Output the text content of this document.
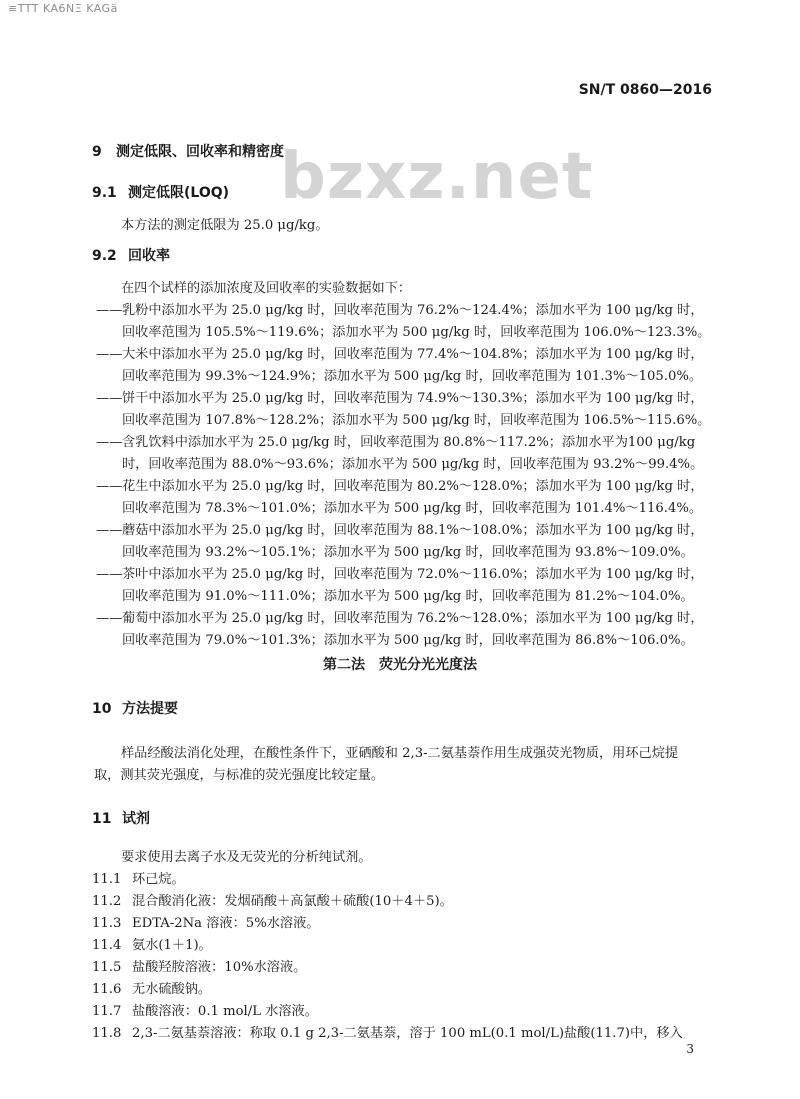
≡TTT KA6NΞ KAGā
SN/T 0860—2016
bzxz.net
9 测定低限、回收率和精密度
9.1 测定低限(LOQ)
本方法的测定低限为 25.0 μg/kg。
9.2 回收率
在四个试样的添加浓度及回收率的实验数据如下：
——乳粉中添加水平为 25.0 μg/kg 时，回收率范围为 76.2%～124.4%；添加水平为 100 μg/kg 时，
回收率范围为 105.5%～119.6%；添加水平为 500 μg/kg 时，回收率范围为 106.0%～123.3%。
——大米中添加水平为 25.0 μg/kg 时，回收率范围为 77.4%～104.8%；添加水平为 100 μg/kg 时，
回收率范围为 99.3%～124.9%；添加水平为 500 μg/kg 时，回收率范围为 101.3%～105.0%。
——饼干中添加水平为 25.0 μg/kg 时，回收率范围为 74.9%～130.3%；添加水平为 100 μg/kg 时，
回收率范围为 107.8%～128.2%；添加水平为 500 μg/kg 时，回收率范围为 106.5%～115.6%。
——含乳饮料中添加水平为 25.0 μg/kg 时，回收率范围为 80.8%～117.2%；添加水平为100 μg/kg
时，回收率范围为 88.0%～93.6%；添加水平为 500 μg/kg 时，回收率范围为 93.2%～99.4%。
——花生中添加水平为 25.0 μg/kg 时，回收率范围为 80.2%～128.0%；添加水平为 100 μg/kg 时，
回收率范围为 78.3%～101.0%；添加水平为 500 μg/kg 时，回收率范围为 101.4%～116.4%。
——蘑菇中添加水平为 25.0 μg/kg 时，回收率范围为 88.1%～108.0%；添加水平为 100 μg/kg 时，
回收率范围为 93.2%～105.1%；添加水平为 500 μg/kg 时，回收率范围为 93.8%～109.0%。
——茶叶中添加水平为 25.0 μg/kg 时，回收率范围为 72.0%～116.0%；添加水平为 100 μg/kg 时，
回收率范围为 91.0%～111.0%；添加水平为 500 μg/kg 时，回收率范围为 81.2%～104.0%。
——葡萄中添加水平为 25.0 μg/kg 时，回收率范围为 76.2%～128.0%；添加水平为 100 μg/kg 时，
回收率范围为 79.0%～101.3%；添加水平为 500 μg/kg 时，回收率范围为 86.8%～106.0%。
第二法　荧光分光光度法
10 方法提要
样品经酸法消化处理，在酸性条件下，亚硒酸和 2,3-二氨基萘作用生成强荧光物质，用环己烷提
取，测其荧光强度，与标准的荧光强度比较定量。
11 试剂
要求使用去离子水及无荧光的分析纯试剂。
11.1 环己烷。
11.2 混合酸消化液：发烟硝酸＋高氯酸＋硫酸(10＋4＋5)。
11.3 EDTA-2Na 溶液：5%水溶液。
11.4 氨水(1＋1)。
11.5 盐酸羟胺溶液：10%水溶液。
11.6 无水硫酸钠。
11.7 盐酸溶液：0.1 mol/L 水溶液。
11.8 2,3-二氨基萘溶液：称取 0.1 g 2,3-二氨基萘，溶于 100 mL(0.1 mol/L)盐酸(11.7)中，移入
3
